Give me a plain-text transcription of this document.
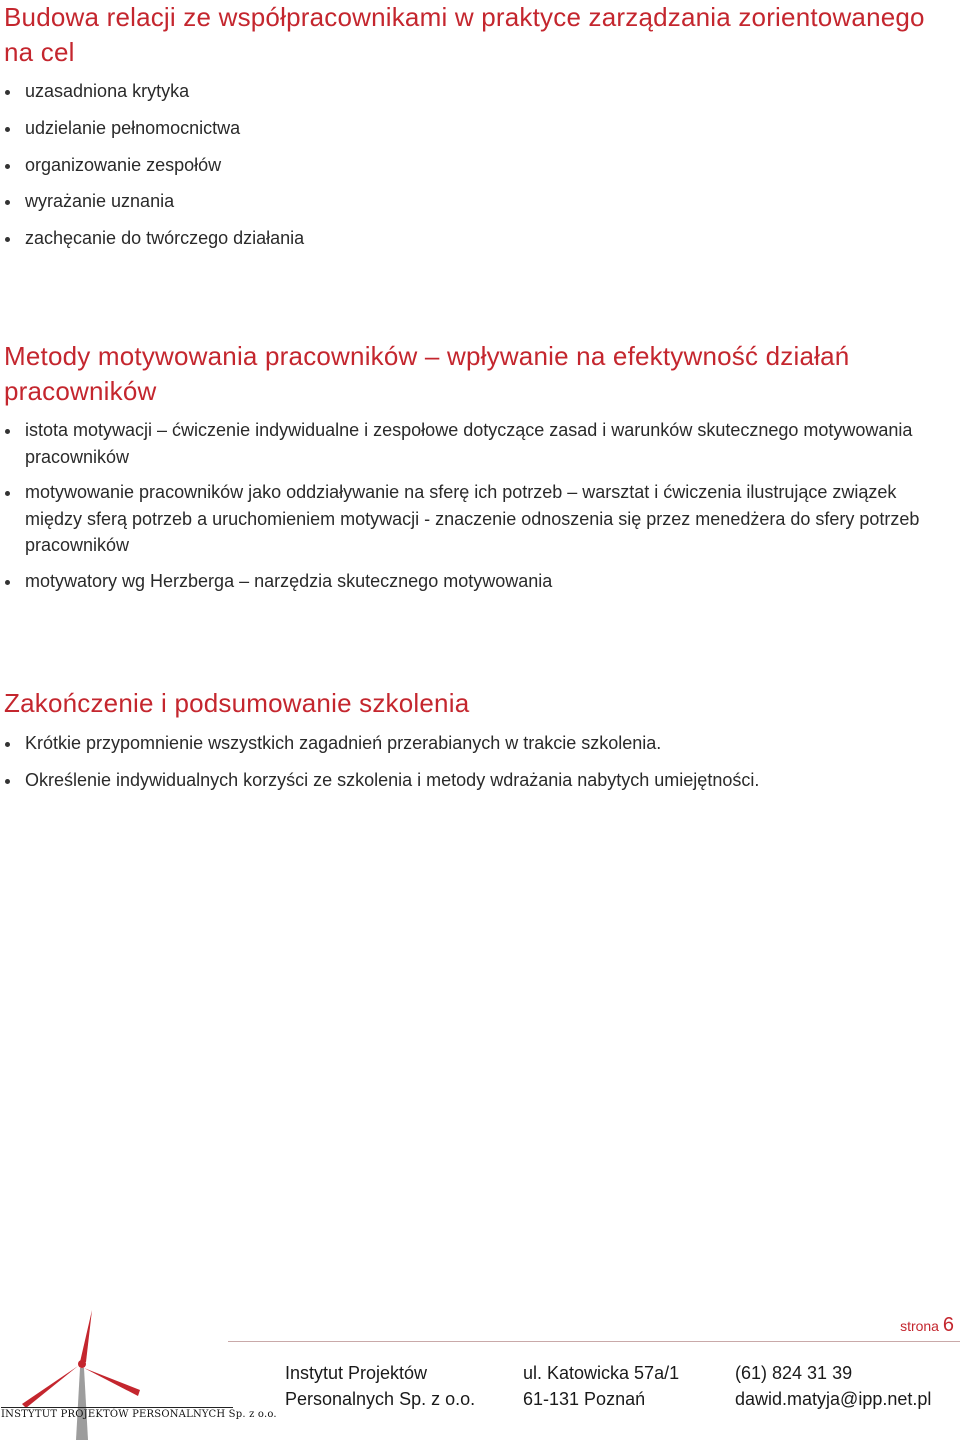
Budowa relacji ze współpracownikami w praktyce zarządzania zorientowanego na cel
uzasadniona krytyka
udzielanie pełnomocnictwa
organizowanie zespołów
wyrażanie uznania
zachęcanie do twórczego działania
Metody motywowania pracowników – wpływanie na efektywność działań pracowników
istota motywacji – ćwiczenie indywidualne i zespołowe dotyczące zasad i warunków skutecznego motywowania pracowników
motywowanie pracowników jako oddziaływanie na sferę ich potrzeb – warsztat i ćwiczenia ilustrujące związek między sferą potrzeb a uruchomieniem motywacji - znaczenie odnoszenia się przez menedżera do sfery potrzeb pracowników
motywatory wg Herzberga – narzędzia skutecznego motywowania
Zakończenie i podsumowanie szkolenia
Krótkie przypomnienie wszystkich zagadnień przerabianych w trakcie szkolenia.
Określenie indywidualnych korzyści ze szkolenia i metody wdrażania nabytych umiejętności.
INSTYTUT PROJEKTÓW PERSONALNYCH Sp. z o.o.
strona 6
Instytut Projektów
Personalnych Sp. z o.o.
ul. Katowicka 57a/1
61-131 Poznań
(61) 824 31 39
dawid.matyja@ipp.net.pl
